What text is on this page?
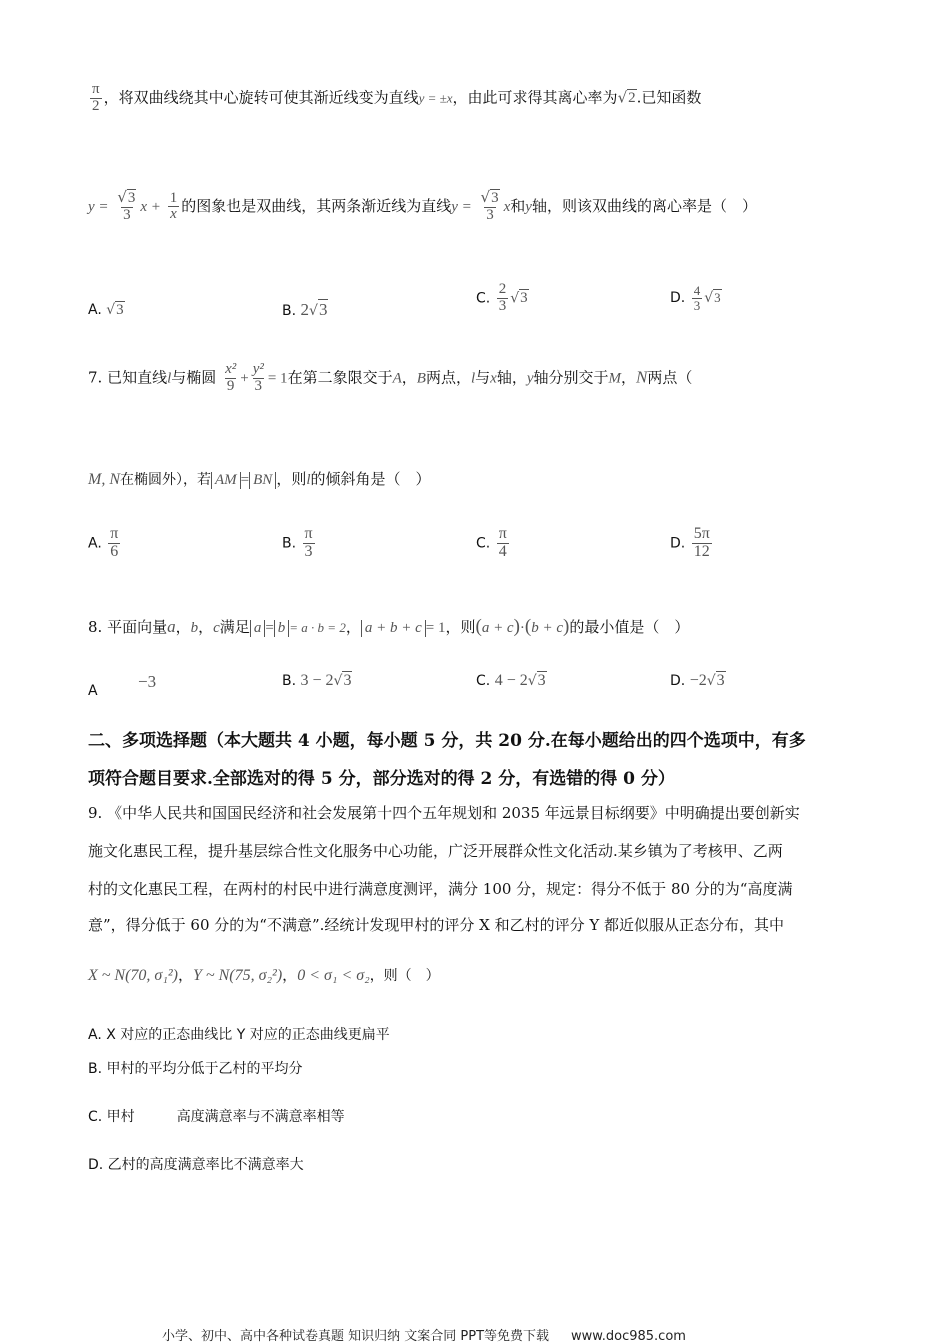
$\frac{\pi}{2}$ ，将双曲线绕其中心旋转可使其渐近线变为直线y = ±x，由此可求得其离心率为√2.已知函数
$y = \frac{√3}{3}$ $x + \frac{1}{x}$ 的图象也是双曲线，其两条渐近线为直线$y = \frac{√3}{3}$ x和y轴，则该双曲线的离心率是（　）
A. √3	B. 2√3
C. $\frac{2}{3} √3$	D. $\frac{4}{3} √3$
7. 已知直线l与椭圆 $\frac{\text{x²}}{9} + \frac{\text{y²}}{3} = 1$在第二象限交于A，B两点，l与x轴，y轴分别交于M，N两点（
M, N在椭圆外），若 AM = BN ，则l的倾斜角是（　）
A. $\frac{\pi}{6}$	B. $\frac{\pi}{3}$	C. $\frac{\pi}{4}$	D. $\frac{5\pi}{12}$
8. 平面向量a，b，c满足 a = b = a · b = 2， a + b + c = 1，则(a + c)·(b + c)的最小值是（　）
A −3	B. 3 − 2√3	C. 4 − 2√3	D. −2√3
二、多项选择题（本大题共 4 小题，每小题 5 分，共 20 分.在每小题给出的四个选项中，有多
项符合题目要求.全部选对的得 5 分，部分选对的得 2 分，有选错的得 0 分）
9. 《中华人民共和国国民经济和社会发展第十四个五年规划和 2035 年远景目标纲要》中明确提出要创新实
施文化惠民工程，提升基层综合性文化服务中心功能，广泛开展群众性文化活动.某乡镇为了考核甲、乙两
村的文化惠民工程，在两村的村民中进行满意度测评，满分 100 分，规定：得分不低于 80 分的为“高度满
意”，得分低于 60 分的为“不满意”.经统计发现甲村的评分 X 和乙村的评分 Y 都近似服从正态分布，其中
X ~ N(70, σ₁²)，Y ~ N(75, σ₂²)，0 < σ₁ < σ₂，则（　）
A. X 对应的正态曲线比 Y 对应的正态曲线更扁平
B. 甲村的平均分低于乙村的平均分
C. 甲村	高度满意率与不满意率相等
D. 乙村的高度满意率比不满意率大
小学、初中、高中各种试卷真题 知识归纳 文案合同 PPT等免费下载 www.doc985.com
